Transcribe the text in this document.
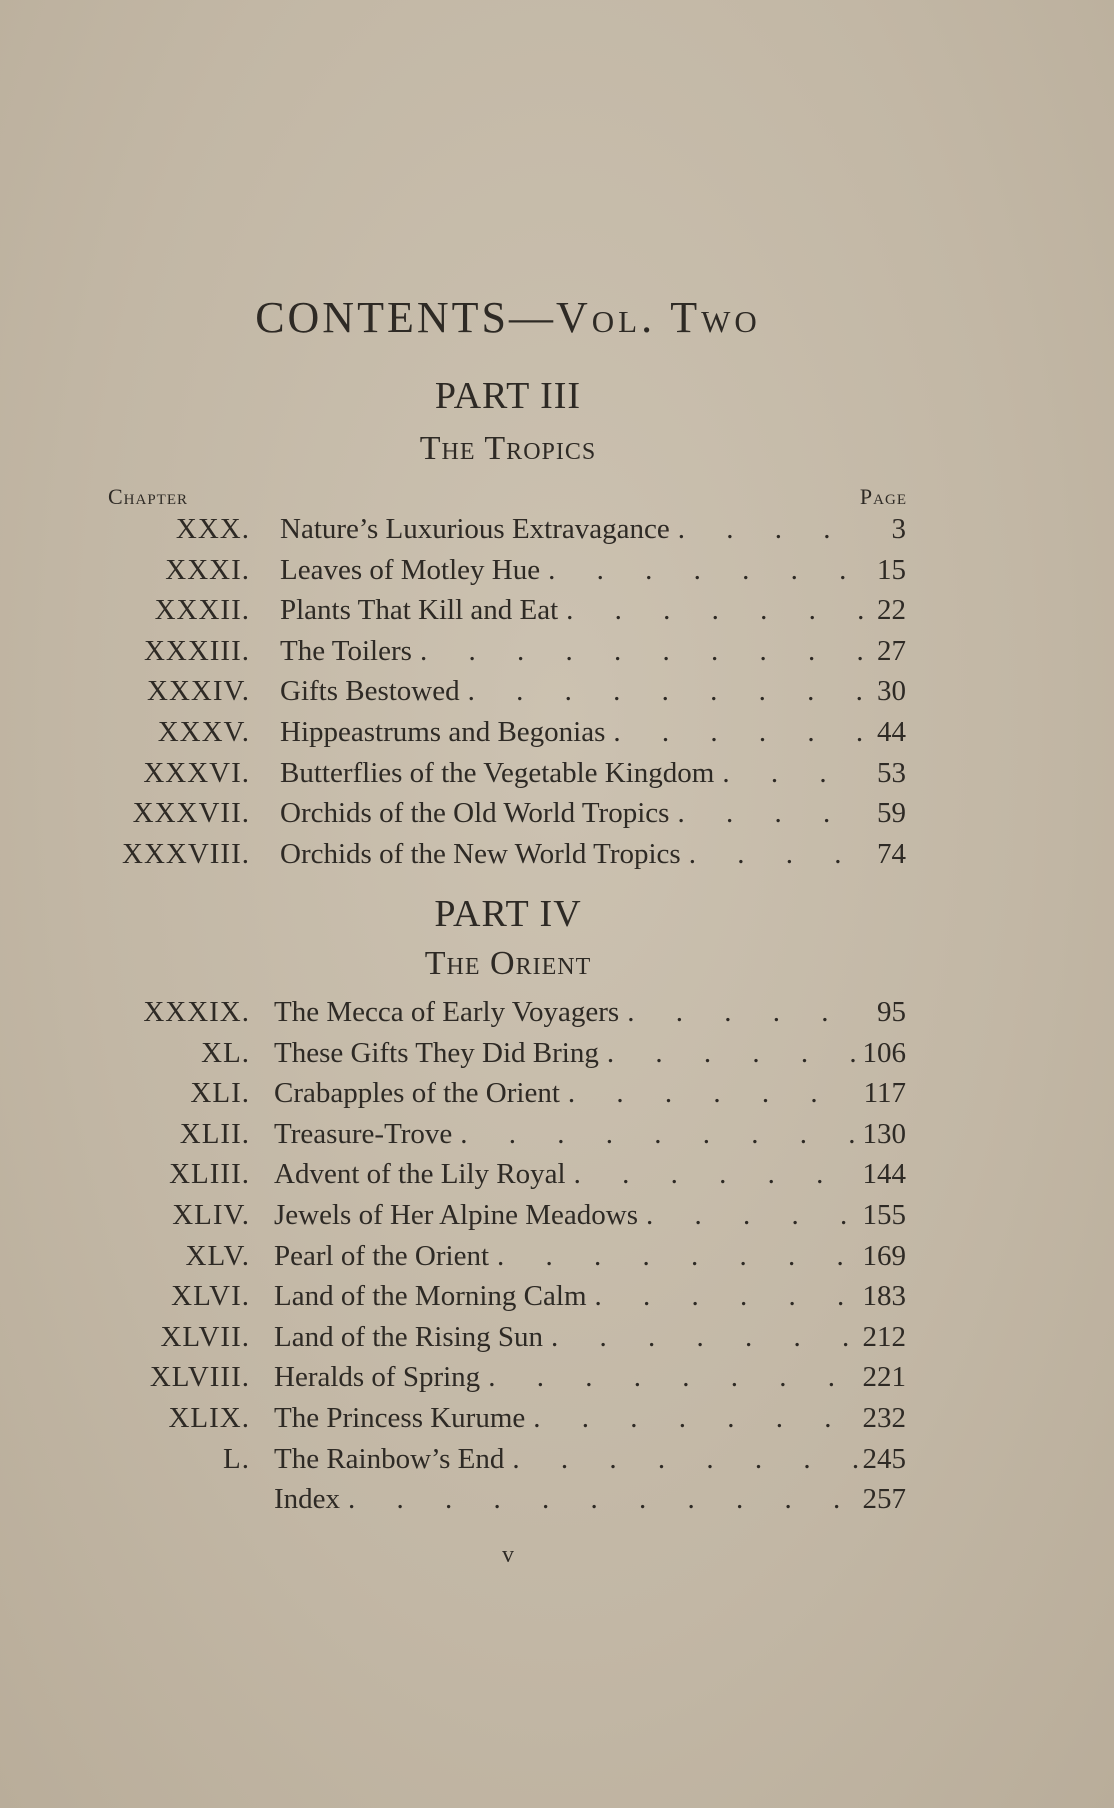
CONTENTS—Vol. Two
PART III
The Tropics
Chapter	Page
XXX. Nature’s Luxurious Extravagance . . .	3
XXXI. Leaves of Motley Hue . . .	15
XXXII. Plants That Kill and Eat . . .	22
XXXIII. The Toilers . . .	27
XXXIV. Gifts Bestowed . . .	30
XXXV. Hippeastrums and Begonias . . .	44
XXXVI. Butterflies of the Vegetable Kingdom . . .	53
XXXVII. Orchids of the Old World Tropics . . .	59
XXXVIII. Orchids of the New World Tropics . . .	74
PART IV
The Orient
XXXIX. The Mecca of Early Voyagers . . .	95
XL. These Gifts They Did Bring . . .	106
XLI. Crabapples of the Orient . . .	117
XLII. Treasure-Trove . . .	130
XLIII. Advent of the Lily Royal . . .	144
XLIV. Jewels of Her Alpine Meadows . . .	155
XLV. Pearl of the Orient . . .	169
XLVI. Land of the Morning Calm . . .	183
XLVII. Land of the Rising Sun . . .	212
XLVIII. Heralds of Spring . . .	221
XLIX. The Princess Kurume . . .	232
L. The Rainbow’s End . . .	245
Index . . .	257
v
